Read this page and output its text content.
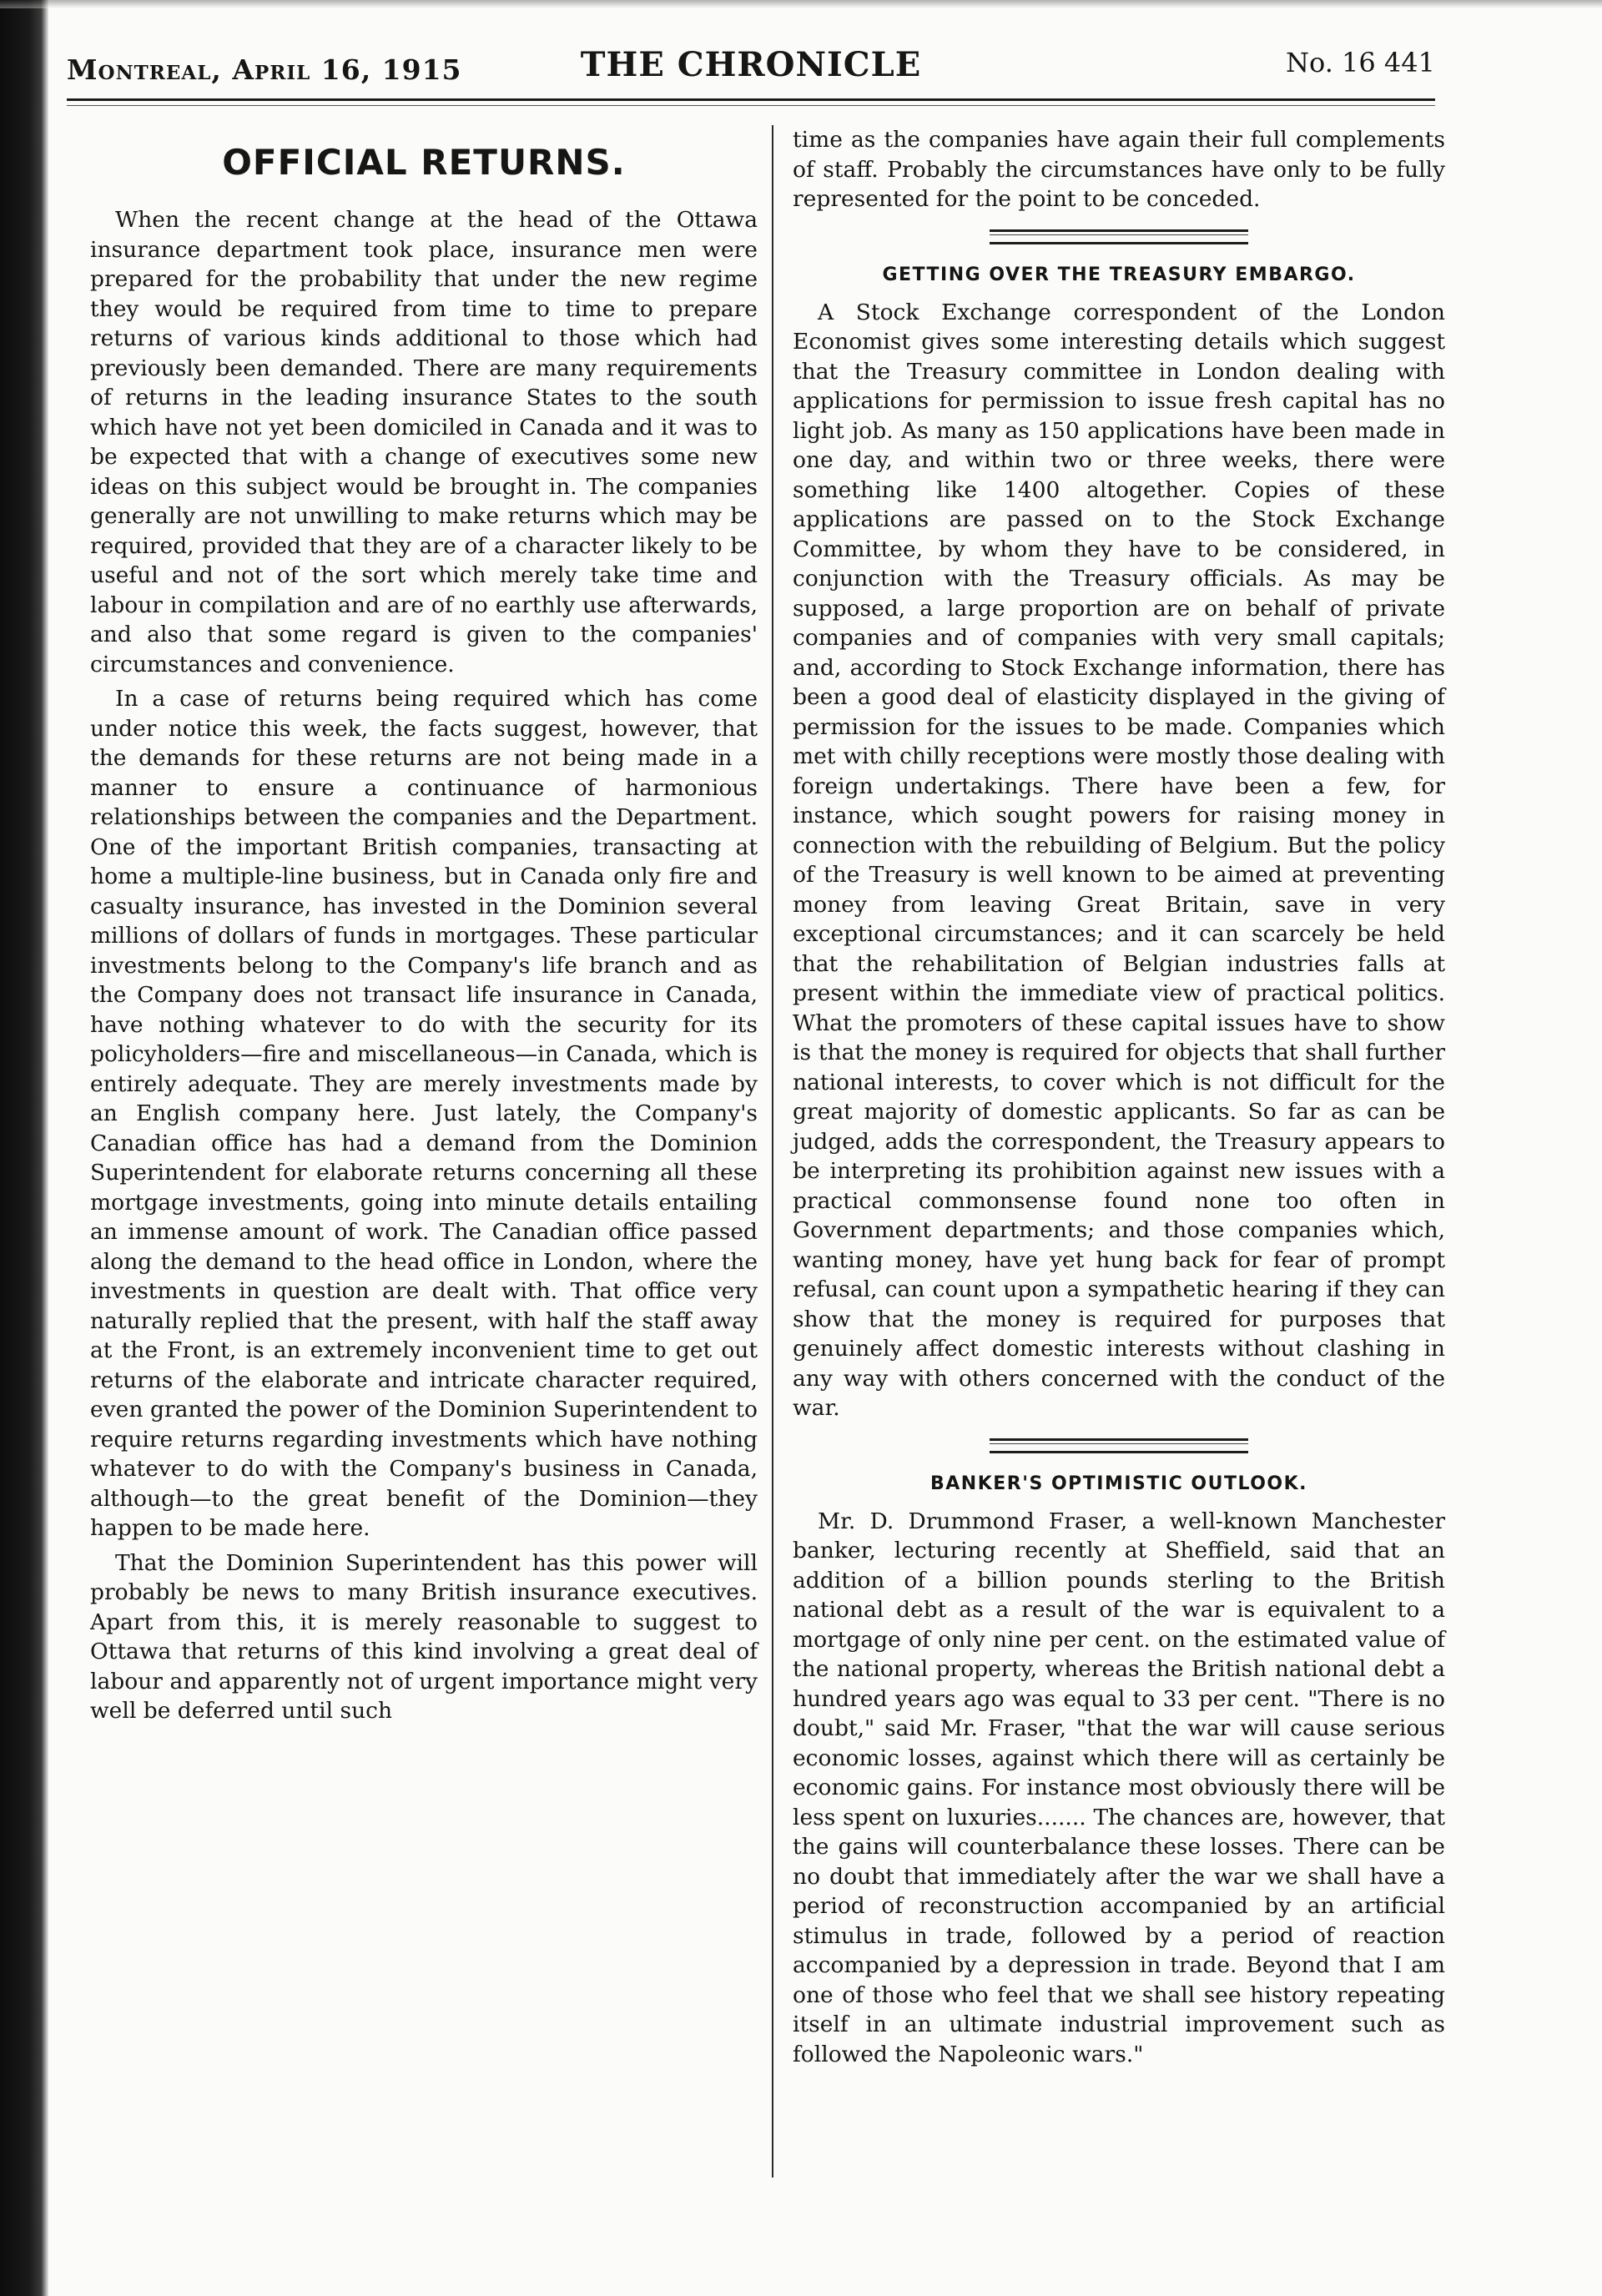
Montreal, April 16, 1915	THE CHRONICLE	No. 16 441
OFFICIAL RETURNS.

When the recent change at the head of the Ottawa insurance department took place, insurance men were prepared for the probability that under the new regime they would be required from time to time to prepare returns of various kinds additional to those which had previously been demanded. There are many requirements of returns in the leading insurance States to the south which have not yet been domiciled in Canada and it was to be expected that with a change of executives some new ideas on this subject would be brought in. The companies generally are not unwilling to make returns which may be required, provided that they are of a character likely to be useful and not of the sort which merely take time and labour in compilation and are of no earthly use afterwards, and also that some regard is given to the companies' circumstances and convenience.

In a case of returns being required which has come under notice this week, the facts suggest, however, that the demands for these returns are not being made in a manner to ensure a continuance of harmonious relationships between the companies and the Department. One of the important British companies, transacting at home a multiple-line business, but in Canada only fire and casualty insurance, has invested in the Dominion several millions of dollars of funds in mortgages. These particular investments belong to the Company's life branch and as the Company does not transact life insurance in Canada, have nothing whatever to do with the security for its policyholders—fire and miscellaneous—in Canada, which is entirely adequate. They are merely investments made by an English company here. Just lately, the Company's Canadian office has had a demand from the Dominion Superintendent for elaborate returns concerning all these mortgage investments, going into minute details entailing an immense amount of work. The Canadian office passed along the demand to the head office in London, where the investments in question are dealt with. That office very naturally replied that the present, with half the staff away at the Front, is an extremely inconvenient time to get out returns of the elaborate and intricate character required, even granted the power of the Dominion Superintendent to require returns regarding investments which have nothing whatever to do with the Company's business in Canada, although—to the great benefit of the Dominion—they happen to be made here.

That the Dominion Superintendent has this power will probably be news to many British insurance executives. Apart from this, it is merely reasonable to suggest to Ottawa that returns of this kind involving a great deal of labour and apparently not of urgent importance might very well be deferred until such

time as the companies have again their full complements of staff. Probably the circumstances have only to be fully represented for the point to be conceded.

GETTING OVER THE TREASURY EMBARGO.

A Stock Exchange correspondent of the London Economist gives some interesting details which suggest that the Treasury committee in London dealing with applications for permission to issue fresh capital has no light job. As many as 150 applications have been made in one day, and within two or three weeks, there were something like 1400 altogether. Copies of these applications are passed on to the Stock Exchange Committee, by whom they have to be considered, in conjunction with the Treasury officials. As may be supposed, a large proportion are on behalf of private companies and of companies with very small capitals; and, according to Stock Exchange information, there has been a good deal of elasticity displayed in the giving of permission for the issues to be made. Companies which met with chilly receptions were mostly those dealing with foreign undertakings. There have been a few, for instance, which sought powers for raising money in connection with the rebuilding of Belgium. But the policy of the Treasury is well known to be aimed at preventing money from leaving Great Britain, save in very exceptional circumstances; and it can scarcely be held that the rehabilitation of Belgian industries falls at present within the immediate view of practical politics. What the promoters of these capital issues have to show is that the money is required for objects that shall further national interests, to cover which is not difficult for the great majority of domestic applicants. So far as can be judged, adds the correspondent, the Treasury appears to be interpreting its prohibition against new issues with a practical commonsense found none too often in Government departments; and those companies which, wanting money, have yet hung back for fear of prompt refusal, can count upon a sympathetic hearing if they can show that the money is required for purposes that genuinely affect domestic interests without clashing in any way with others concerned with the conduct of the war.

BANKER'S OPTIMISTIC OUTLOOK.

Mr. D. Drummond Fraser, a well-known Manchester banker, lecturing recently at Sheffield, said that an addition of a billion pounds sterling to the British national debt as a result of the war is equivalent to a mortgage of only nine per cent. on the estimated value of the national property, whereas the British national debt a hundred years ago was equal to 33 per cent. "There is no doubt," said Mr. Fraser, "that the war will cause serious economic losses, against which there will as certainly be economic gains. For instance most obviously there will be less spent on luxuries....... The chances are, however, that the gains will counterbalance these losses. There can be no doubt that immediately after the war we shall have a period of reconstruction accompanied by an artificial stimulus in trade, followed by a period of reaction accompanied by a depression in trade. Beyond that I am one of those who feel that we shall see history repeating itself in an ultimate industrial improvement such as followed the Napoleonic wars."
